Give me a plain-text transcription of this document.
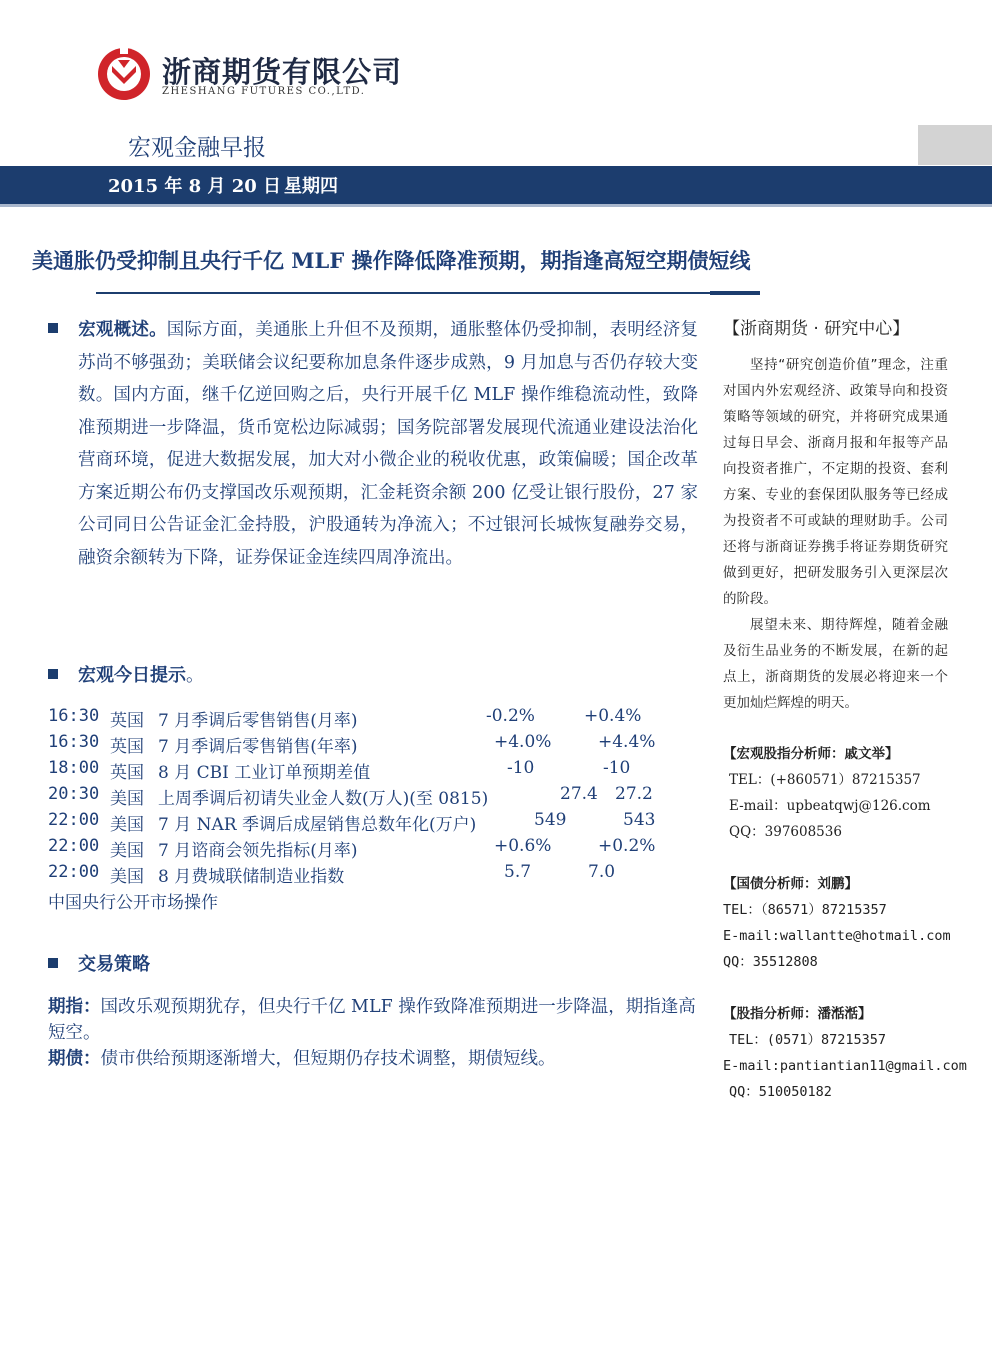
浙商期货有限公司
ZHESHANG FUTURES CO.,LTD.
宏观金融早报
2015 年 8 月 20 日 星期四
美通胀仍受抑制且央行千亿 MLF 操作降低降准预期，期指逢高短空期债短线
宏观概述。国际方面，美通胀上升但不及预期，通胀整体仍受抑制，表明经济复苏尚不够强劲；美联储会议纪要称加息条件逐步成熟，9 月加息与否仍存较大变数。国内方面，继千亿逆回购之后，央行开展千亿 MLF 操作维稳流动性，致降准预期进一步降温，货币宽松边际减弱；国务院部署发展现代流通业建设法治化营商环境，促进大数据发展，加大对小微企业的税收优惠，政策偏暖；国企改革方案近期公布仍支撑国改乐观预期，汇金耗资余额 200 亿受让银行股份，27 家公司同日公告证金汇金持股，沪股通转为净流入；不过银河长城恢复融券交易，融资余额转为下降，证券保证金连续四周净流出。
宏观今日提示。
16:30 英国 7 月季调后零售销售(月率)	-0.2%	+0.4%
16:30 英国 7 月季调后零售销售(年率)	+4.0%	+4.4%
18:00 英国 8 月 CBI 工业订单预期差值	-10	-10
20:30 美国 上周季调后初请失业金人数(万人)(至 0815)	27.4 27.2
22:00 美国 7 月 NAR 季调后成屋销售总数年化(万户)	549	543
22:00 美国 7 月谘商会领先指标(月率)	+0.6%	+0.2%
22:00 美国 8 月费城联储制造业指数	5.7	7.0
中国央行公开市场操作
交易策略

期指：国改乐观预期犹存，但央行千亿 MLF 操作致降准预期进一步降温，期指逢高短空。

期债：债市供给预期逐渐增大，但短期仍存技术调整，期债短线。

【浙商期货 · 研究中心】

坚持“研究创造价值”理念，注重对国内外宏观经济、政策导向和投资策略等领域的研究，并将研究成果通过每日早会、浙商月报和年报等产品向投资者推广，不定期的投资、套利方案、专业的套保团队服务等已经成为投资者不可或缺的理财助手。公司还将与浙商证券携手将证券期货研究做到更好，把研发服务引入更深层次的阶段。

展望未来、期待辉煌，随着金融及衍生品业务的不断发展，在新的起点上，浙商期货的发展必将迎来一个更加灿烂辉煌的明天。

【宏观股指分析师：戚文举】
TEL：(+860571）87215357
E-mail：upbeatqwj@126.com
QQ：397608536
【国债分析师：刘鹏】
TEL：（86571）87215357
E-mail:wallantte@hotmail.com
QQ：35512808
【股指分析师：潘湉湉】
TEL：(0571）87215357
E-mail:pantiantian11@gmail.com
QQ：510050182
